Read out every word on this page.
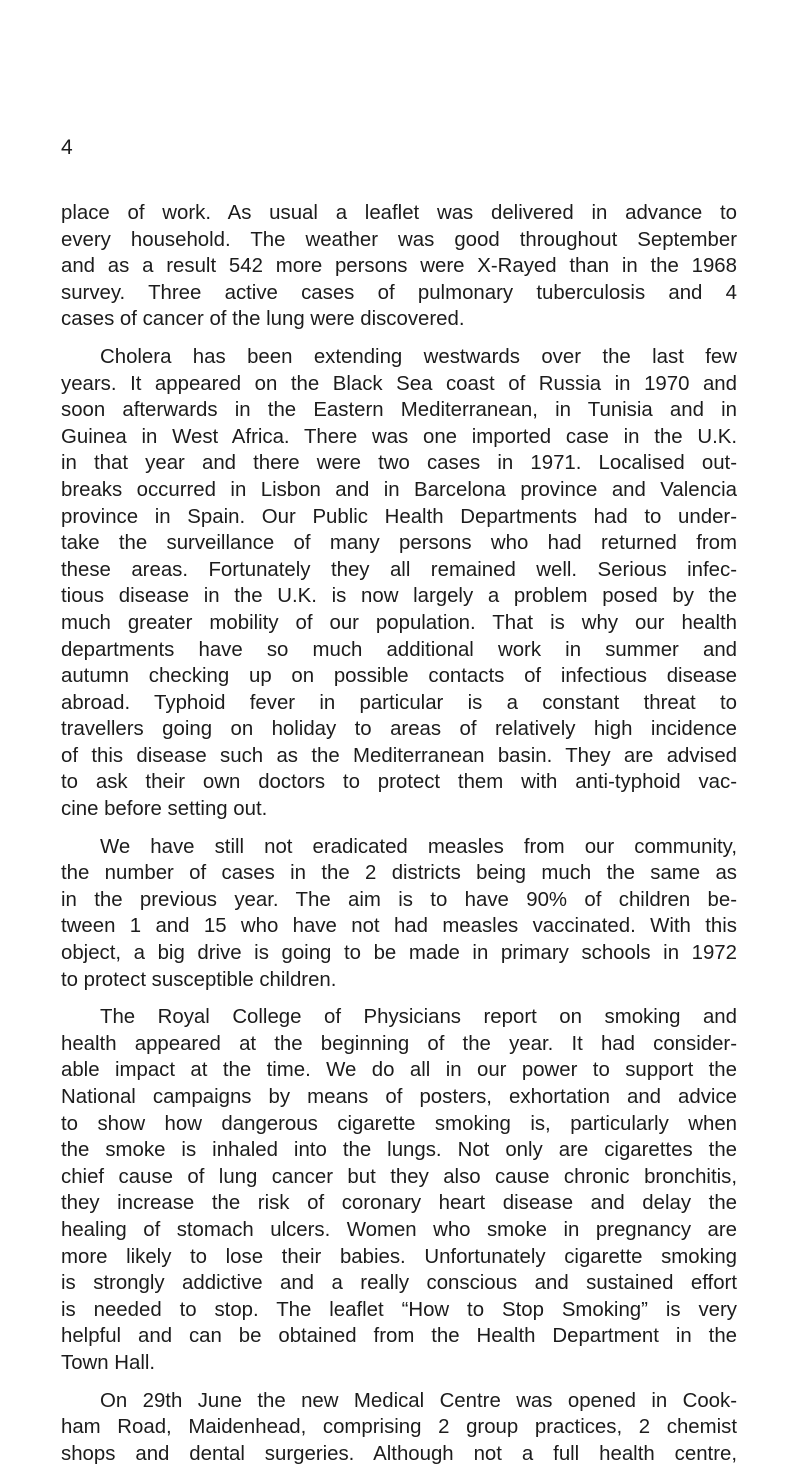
4
place of work. As usual a leaflet was delivered in advance to
every household. The weather was good throughout September
and as a result 542 more persons were X-Rayed than in the 1968
survey. Three active cases of pulmonary tuberculosis and 4
cases of cancer of the lung were discovered.
Cholera has been extending westwards over the last few
years. It appeared on the Black Sea coast of Russia in 1970 and
soon afterwards in the Eastern Mediterranean, in Tunisia and in
Guinea in West Africa. There was one imported case in the U.K.
in that year and there were two cases in 1971. Localised out-
breaks occurred in Lisbon and in Barcelona province and Valencia
province in Spain. Our Public Health Departments had to under-
take the surveillance of many persons who had returned from
these areas. Fortunately they all remained well. Serious infec-
tious disease in the U.K. is now largely a problem posed by the
much greater mobility of our population. That is why our health
departments have so much additional work in summer and
autumn checking up on possible contacts of infectious disease
abroad. Typhoid fever in particular is a constant threat to
travellers going on holiday to areas of relatively high incidence
of this disease such as the Mediterranean basin. They are advised
to ask their own doctors to protect them with anti-typhoid vac-
cine before setting out.
We have still not eradicated measles from our community,
the number of cases in the 2 districts being much the same as
in the previous year. The aim is to have 90% of children be-
tween 1 and 15 who have not had measles vaccinated. With this
object, a big drive is going to be made in primary schools in 1972
to protect susceptible children.
The Royal College of Physicians report on smoking and
health appeared at the beginning of the year. It had consider-
able impact at the time. We do all in our power to support the
National campaigns by means of posters, exhortation and advice
to show how dangerous cigarette smoking is, particularly when
the smoke is inhaled into the lungs. Not only are cigarettes the
chief cause of lung cancer but they also cause chronic bronchitis,
they increase the risk of coronary heart disease and delay the
healing of stomach ulcers. Women who smoke in pregnancy are
more likely to lose their babies. Unfortunately cigarette smoking
is strongly addictive and a really conscious and sustained effort
is needed to stop. The leaflet “How to Stop Smoking” is very
helpful and can be obtained from the Health Department in the
Town Hall.
On 29th June the new Medical Centre was opened in Cook-
ham Road, Maidenhead, comprising 2 group practices, 2 chemist
shops and dental surgeries. Although not a full health centre,
